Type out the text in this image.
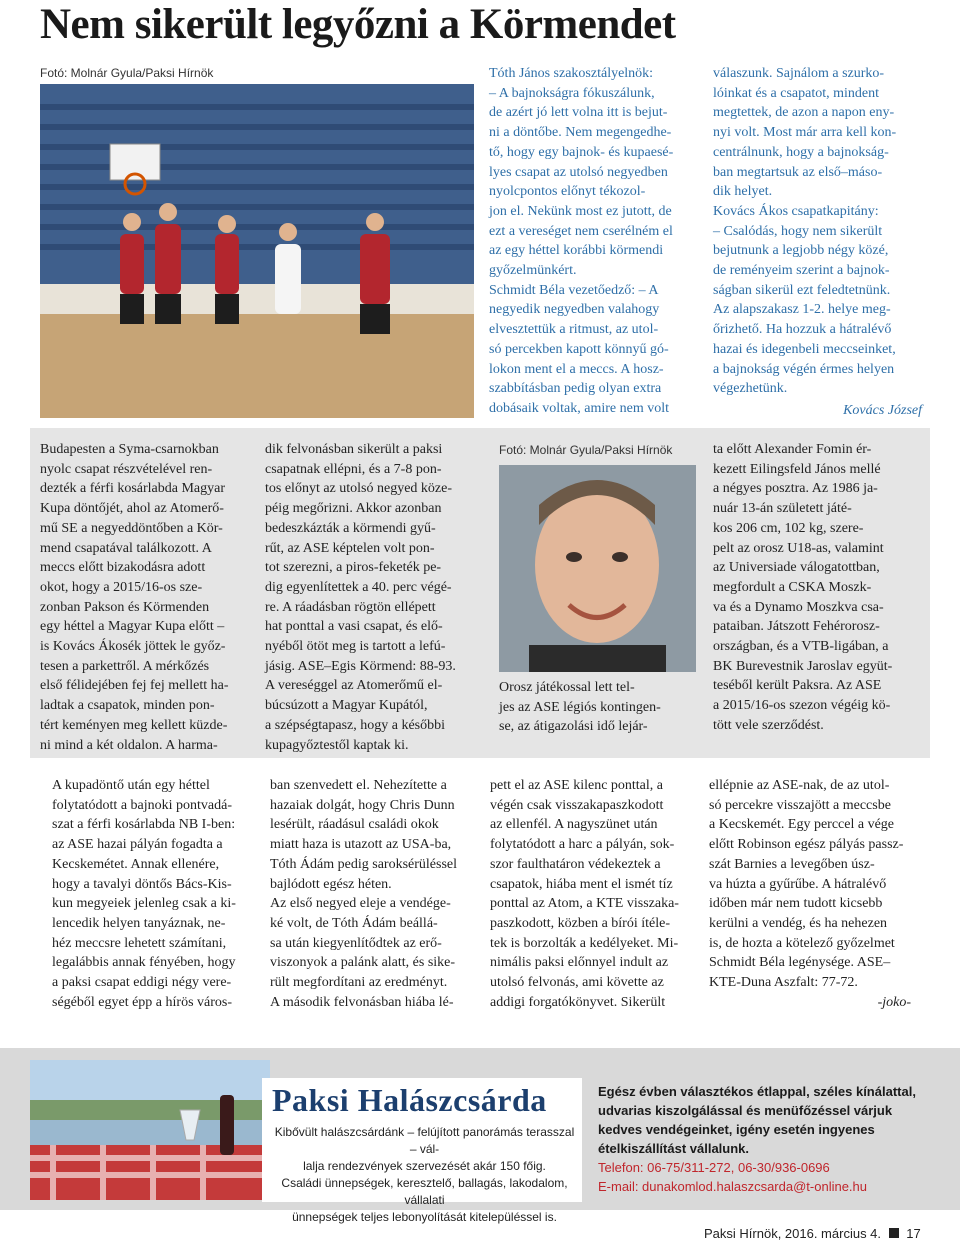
Nem sikerült legyőzni a Körmendet
Fotó: Molnár Gyula/Paksi Hírnök	Tóth János szakosztályelnök:
– A bajnokságra fókuszálunk,
de azért jó lett volna itt is bejut-
ni a döntőbe. Nem megengedhe-
tő, hogy egy bajnok- és kupaesé-
lyes csapat az utolsó negyedben
nyolcpontos előnyt tékozol-
jon el. Nekünk most ez jutott, de
ezt a vereséget nem cserélném el
az egy héttel korábbi körmendi
győzelmünkért.
Schmidt Béla vezetőedző: – A
negyedik negyedben valahogy
elvesztettük a ritmust, az utol-
só percekben kapott könnyű gó-
lokon ment el a meccs. A hosz-
szabbításban pedig olyan extra
dobásaik voltak, amire nem volt
válaszunk. Sajnálom a szurko-
lóinkat és a csapatot, mindent
megtettek, de azon a napon eny-
nyi volt. Most már arra kell kon-
centrálnunk, hogy a bajnokság-
ban megtartsuk az első–máso-
dik helyet.
Kovács Ákos csapatkapitány:
– Csalódás, hogy nem sikerült
bejutnunk a legjobb négy közé,
de reményeim szerint a bajnok-
ságban sikerül ezt feledtetnünk.
Az alapszakasz 1-2. helye meg-
őrizhető. Ha hozzuk a hátralévő
hazai és idegenbeli meccseinket,
a bajnokság végén érmes helyen
végezhetünk.
Kovács József
Budapesten a Syma-csarnokban
nyolc csapat részvételével ren-
dezték a férfi kosárlabda Magyar
Kupa döntőjét, ahol az Atomerő-
mű SE a negyeddöntőben a Kör-
mend csapatával találkozott. A
meccs előtt bizakodásra adott
okot, hogy a 2015/16-os sze-
zonban Pakson és Körmenden
egy héttel a Magyar Kupa előtt –
is Kovács Ákosék jöttek le győz-
tesen a parkettről. A mérkőzés
első félidejében fej fej mellett ha-
ladtak a csapatok, minden pon-
tért keményen meg kellett küzde-
ni mind a két oldalon. A harma-
dik felvonásban sikerült a paksi
csapatnak ellépni, és a 7-8 pon-
tos előnyt az utolsó negyed köze-
péig megőrizni. Akkor azonban
bedeszkázták a körmendi gyű-
rűt, az ASE képtelen volt pon-
tot szerezni, a piros-feketék pe-
dig egyenlítettek a 40. perc végé-
re. A ráadásban rögtön ellépett
hat ponttal a vasi csapat, és elő-
nyéből ötöt meg is tartott a lefú-
jásig. ASE–Egis Körmend: 88-93.
A vereséggel az Atomerőmű el-
búcsúzott a Magyar Kupától,
a szépségtapasz, hogy a későbbi
kupagyőztestől kaptak ki.
Fotó: Molnár Gyula/Paksi Hírnök
Orosz játékossal lett tel-
jes az ASE légiós kontingen-
se, az átigazolási idő lejár-
ta előtt Alexander Fomin ér-
kezett Eilingsfeld János mellé
a négyes posztra. Az 1986 ja-
nuár 13-án született játé-
kos 206 cm, 102 kg, szere-
pelt az orosz U18-as, valamint
az Universiade válogatottban,
megfordult a CSKA Moszk-
va és a Dynamo Moszkva csa-
pataiban. Játszott Fehérorosz-
országban, és a VTB-ligában, a
BK Burevestnik Jaroslav együt-
teséből került Paksra. Az ASE
a 2015/16-os szezon végéig kö-
tött vele szerződést.
A kupadöntő után egy héttel
folytatódott a bajnoki pontvadá-
szat a férfi kosárlabda NB I-ben:
az ASE hazai pályán fogadta a
Kecskemétet. Annak ellenére,
hogy a tavalyi döntős Bács-Kis-
kun megyeiek jelenleg csak a ki-
lencedik helyen tanyáznak, ne-
héz meccsre lehetett számítani,
legalábbis annak fényében, hogy
a paksi csapat eddigi négy vere-
ségéből egyet épp a hírös város-
ban szenvedett el. Nehezítette a
hazaiak dolgát, hogy Chris Dunn
lesérült, ráadásul családi okok
miatt haza is utazott az USA-ba,
Tóth Ádám pedig saroksérüléssel
bajlódott egész héten.
Az első negyed eleje a vendége-
ké volt, de Tóth Ádám beállá-
sa után kiegyenlítődtek az erő-
viszonyok a palánk alatt, és sike-
rült megfordítani az eredményt.
A második felvonásban hiába lé-
pett el az ASE kilenc ponttal, a
végén csak visszakapaszkodott
az ellenfél. A nagyszünet után
folytatódott a harc a pályán, sok-
szor faulthatáron védekeztek a
csapatok, hiába ment el ismét tíz
ponttal az Atom, a KTE visszaka-
paszkodott, közben a bírói ítéle-
tek is borzolták a kedélyeket. Mi-
nimális paksi előnnyel indult az
utolsó felvonás, ami követte az
addigi forgatókönyvet. Sikerült
ellépnie az ASE-nak, de az utol-
só percekre visszajött a meccsbe
a Kecskemét. Egy perccel a vége
előtt Robinson egész pályás passz-
szát Barnies a levegőben úsz-
va húzta a gyűrűbe. A hátralévő
időben már nem tudott kicsebb
kerülni a vendég, és ha nehezen
is, de hozta a kötelező győzelmet
Schmidt Béla legénysége. ASE–
KTE-Duna Aszfalt: 77-72.
-joko-
Paksi Halászcsárda
Kibővült halászcsárdánk – felújított panorámás terasszal – vál-
lalja rendezvények szervezését akár 150 főig.
Családi ünnepségek, keresztelő, ballagás, lakodalom, vállalati
ünnepségek teljes lebonyolítását kitelepüléssel is.
Egész évben választékos étlappal, széles kínálattal,
udvarias kiszolgálással és menüfőzéssel várjuk
kedves vendégeinket, igény esetén ingyenes
ételkiszállítást vállalunk.
Telefon: 06-75/311-272, 06-30/936-0696
E-mail: dunakomlod.halaszcsarda@t-online.hu
Paksi Hírnök, 2016. március 4. 17
